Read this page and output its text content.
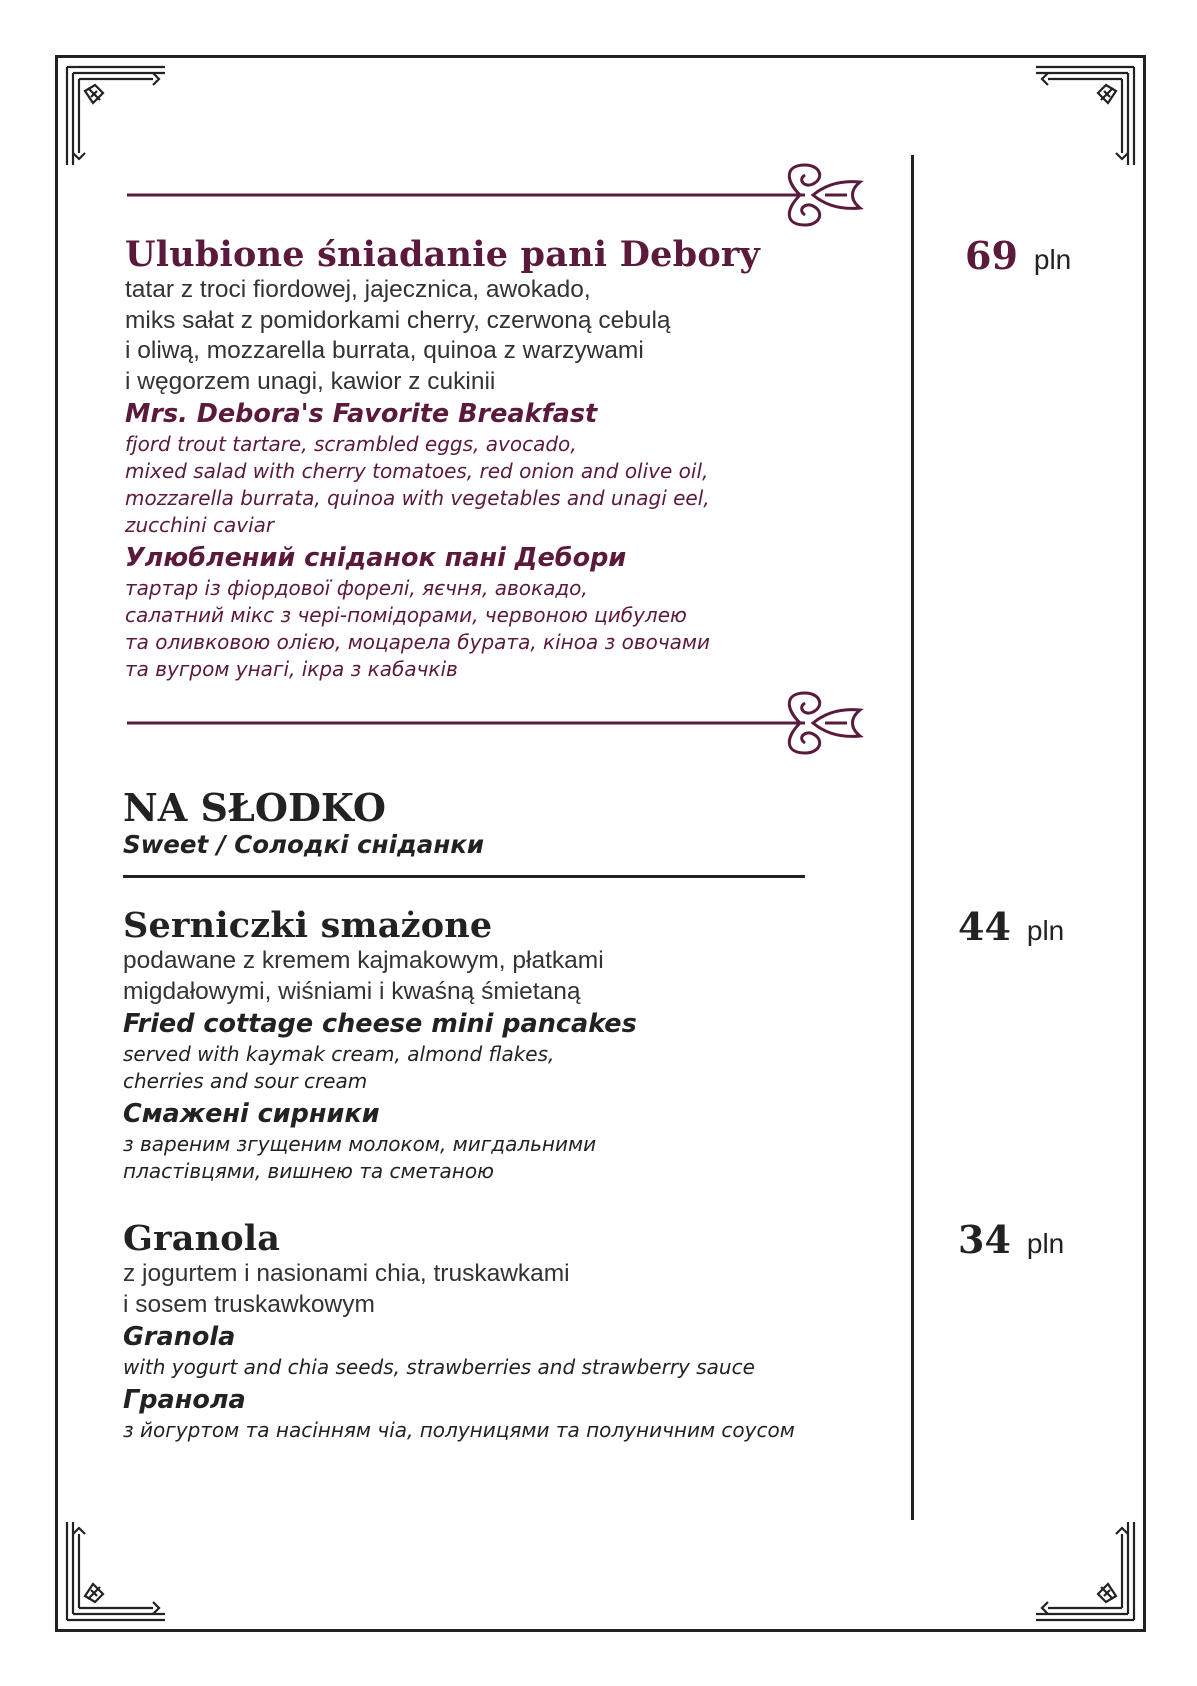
Ulubione śniadanie pani Debory
tatar z troci fiordowej, jajecznica, awokado,
miks sałat z pomidorkami cherry, czerwoną cebulą
i oliwą, mozzarella burrata, quinoa z warzywami
i węgorzem unagi, kawior z cukinii
Mrs. Debora's Favorite Breakfast
fjord trout tartare, scrambled eggs, avocado,
mixed salad with cherry tomatoes, red onion and olive oil,
mozzarella burrata, quinoa with vegetables and unagi eel,
zucchini caviar
Улюблений сніданок пані Дебори
тартар із фіордової форелі, яєчня, авокадо,
салатний мікс з чері-помідорами, червоною цибулею
та оливковою олією, моцарела бурата, кіноа з овочами
та вугром унагі, ікра з кабачків
69 pln
NA SŁODKO
Sweet / Солодкі сніданки
Serniczki smażone
podawane z kremem kajmakowym, płatkami
migdałowymi, wiśniami i kwaśną śmietaną
Fried cottage cheese mini pancakes
served with kaymak cream, almond flakes,
cherries and sour cream
Смажені сирники
з вареним згущеним молоком, мигдальними
пластівцями, вишнею та сметаною
44 pln
Granola
z jogurtem i nasionami chia, truskawkami
i sosem truskawkowym
Granola
with yogurt and chia seeds, strawberries and strawberry sauce
Гранола
з йогуртом та насінням чіа, полуницями та полуничним соусом
34 pln
